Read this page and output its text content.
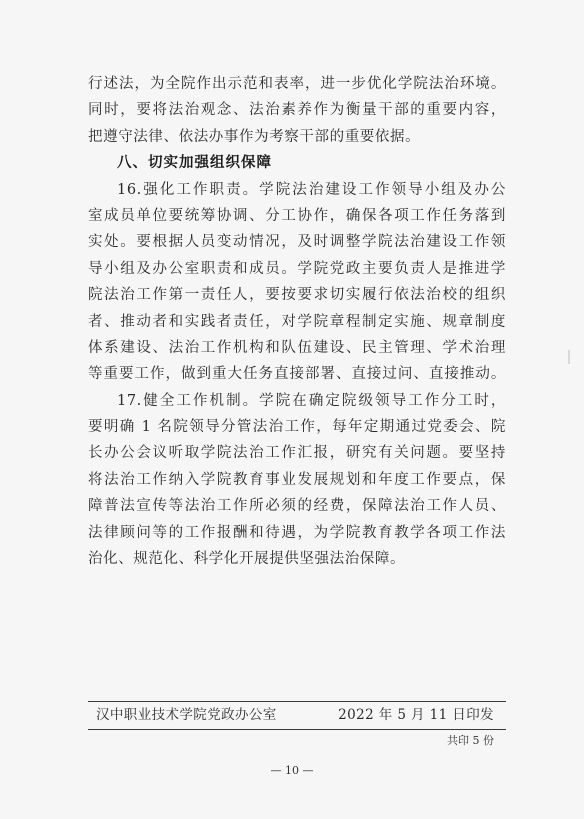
行述法，为全院作出示范和表率，进一步优化学院法治环境。
同时，要将法治观念、法治素养作为衡量干部的重要内容，
把遵守法律、依法办事作为考察干部的重要依据。
八、切实加强组织保障
16.强化工作职责。学院法治建设工作领导小组及办公
室成员单位要统筹协调、分工协作，确保各项工作任务落到
实处。要根据人员变动情况，及时调整学院法治建设工作领
导小组及办公室职责和成员。学院党政主要负责人是推进学
院法治工作第一责任人，要按要求切实履行依法治校的组织
者、推动者和实践者责任，对学院章程制定实施、规章制度
体系建设、法治工作机构和队伍建设、民主管理、学术治理
等重要工作，做到重大任务直接部署、直接过问、直接推动。
17.健全工作机制。学院在确定院级领导工作分工时，
要明确 1 名院领导分管法治工作，每年定期通过党委会、院
长办公会议听取学院法治工作汇报，研究有关问题。要坚持
将法治工作纳入学院教育事业发展规划和年度工作要点，保
障普法宣传等法治工作所必须的经费，保障法治工作人员、
法律顾问等的工作报酬和待遇，为学院教育教学各项工作法
治化、规范化、科学化开展提供坚强法治保障。
汉中职业技术学院党政办公室	2022 年 5 月 11 日印发
共印 5 份
— 10 —
